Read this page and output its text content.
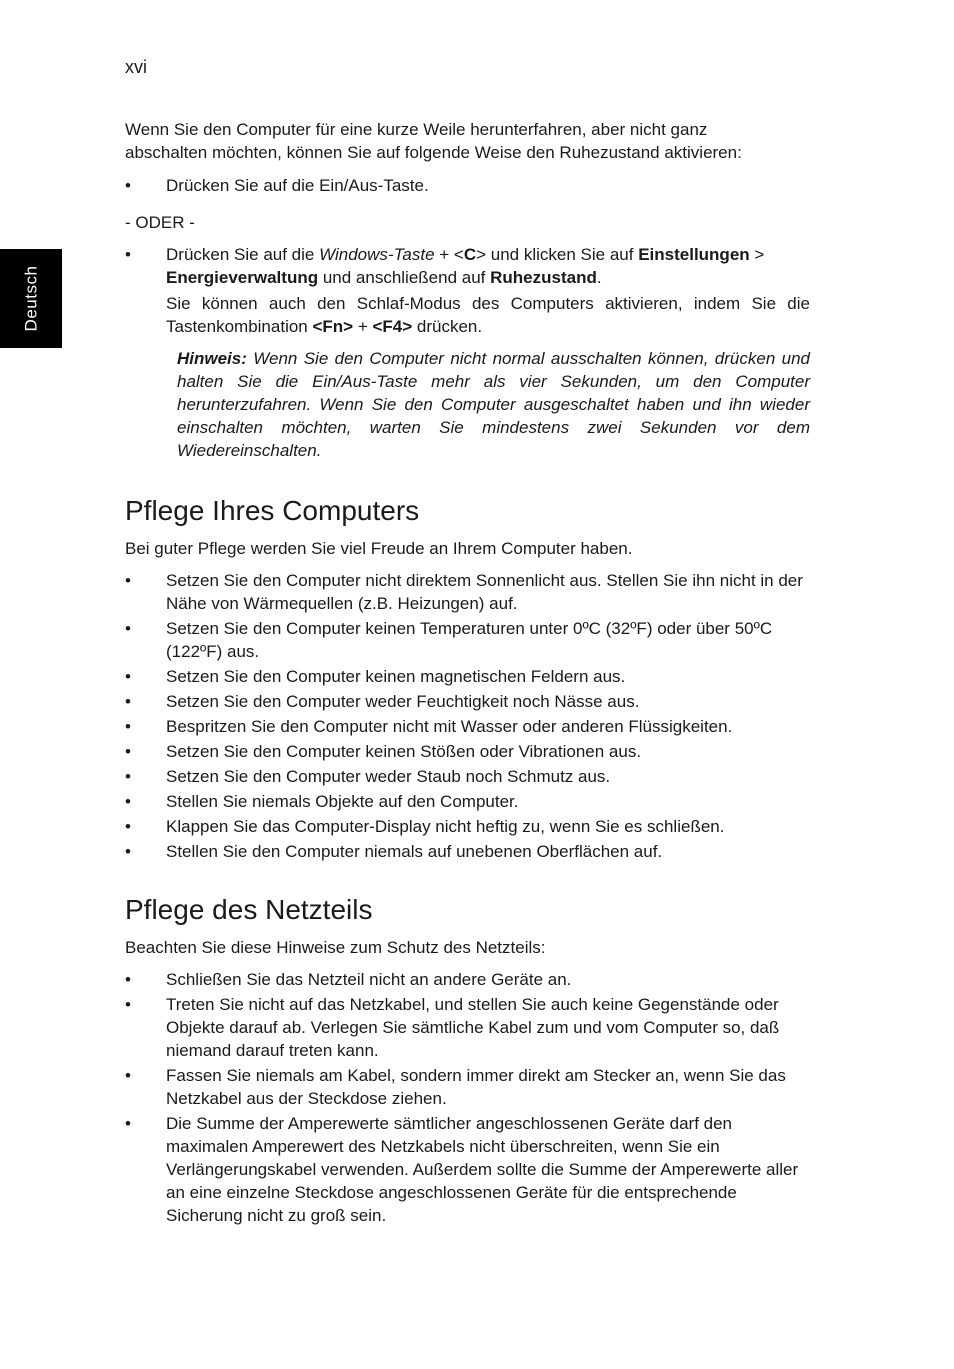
xvi
Deutsch

Wenn Sie den Computer für eine kurze Weile herunterfahren, aber nicht ganz abschalten möchten, können Sie auf folgende Weise den Ruhezustand aktivieren:

• Drücken Sie auf die Ein/Aus-Taste.

- ODER -

• Drücken Sie auf die Windows-Taste + <C> und klicken Sie auf Einstellungen > Energieverwaltung und anschließend auf Ruhezustand.

Sie können auch den Schlaf-Modus des Computers aktivieren, indem Sie die Tastenkombination <Fn> + <F4> drücken.

Hinweis: Wenn Sie den Computer nicht normal ausschalten können, drücken und halten Sie die Ein/Aus-Taste mehr als vier Sekunden, um den Computer herunterzufahren. Wenn Sie den Computer ausgeschaltet haben und ihn wieder einschalten möchten, warten Sie mindestens zwei Sekunden vor dem Wiedereinschalten.

Pflege Ihres Computers

Bei guter Pflege werden Sie viel Freude an Ihrem Computer haben.

• Setzen Sie den Computer nicht direktem Sonnenlicht aus. Stellen Sie ihn nicht in der Nähe von Wärmequellen (z.B. Heizungen) auf.
• Setzen Sie den Computer keinen Temperaturen unter 0ºC (32ºF) oder über 50ºC (122ºF) aus.
• Setzen Sie den Computer keinen magnetischen Feldern aus.
• Setzen Sie den Computer weder Feuchtigkeit noch Nässe aus.
• Bespritzen Sie den Computer nicht mit Wasser oder anderen Flüssigkeiten.
• Setzen Sie den Computer keinen Stößen oder Vibrationen aus.
• Setzen Sie den Computer weder Staub noch Schmutz aus.
• Stellen Sie niemals Objekte auf den Computer.
• Klappen Sie das Computer-Display nicht heftig zu, wenn Sie es schließen.
• Stellen Sie den Computer niemals auf unebenen Oberflächen auf.
Pflege des Netzteils

Beachten Sie diese Hinweise zum Schutz des Netzteils:

• Schließen Sie das Netzteil nicht an andere Geräte an.
• Treten Sie nicht auf das Netzkabel, und stellen Sie auch keine Gegenstände oder Objekte darauf ab. Verlegen Sie sämtliche Kabel zum und vom Computer so, daß niemand darauf treten kann.
• Fassen Sie niemals am Kabel, sondern immer direkt am Stecker an, wenn Sie das Netzkabel aus der Steckdose ziehen.
• Die Summe der Amperewerte sämtlicher angeschlossenen Geräte darf den maximalen Amperewert des Netzkabels nicht überschreiten, wenn Sie ein Verlängerungskabel verwenden. Außerdem sollte die Summe der Amperewerte aller an eine einzelne Steckdose angeschlossenen Geräte für die entsprechende Sicherung nicht zu groß sein.
